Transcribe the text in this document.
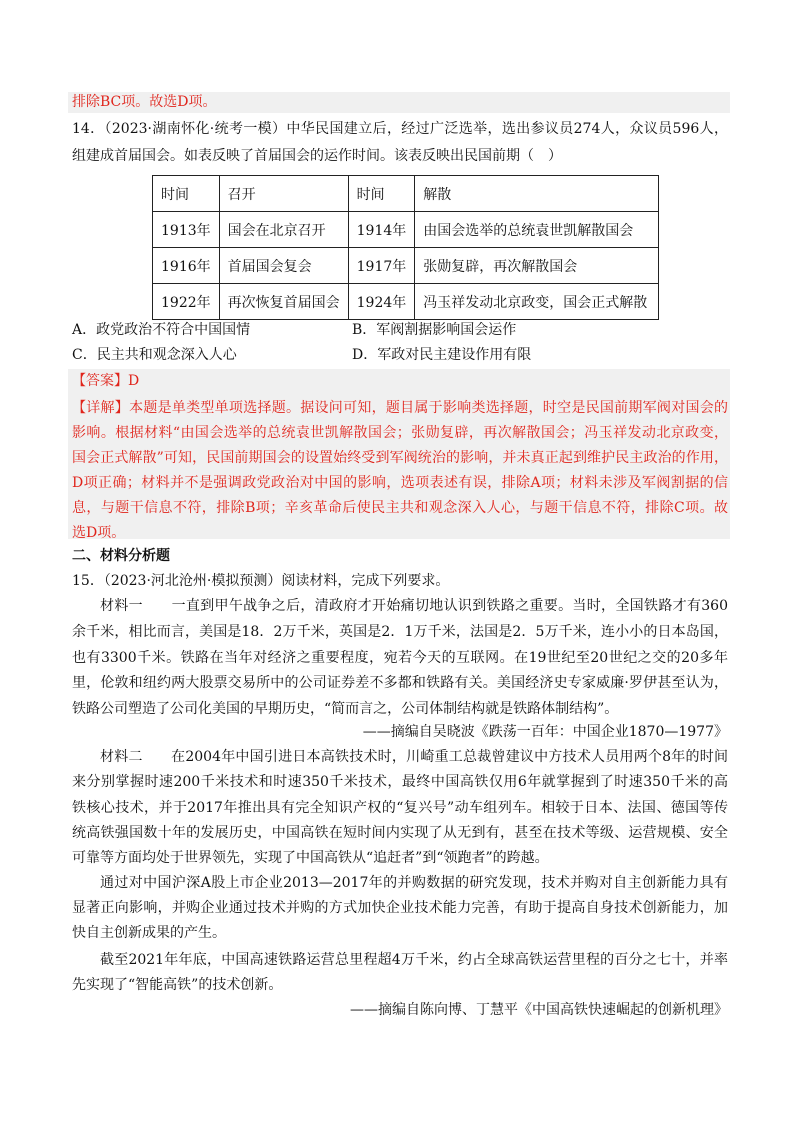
排除BC项。故选D项。
14．（2023·湖南怀化·统考一模）中华民国建立后，经过广泛选举，选出参议员274人，众议员596人，
组建成首届国会。如表反映了首届国会的运作时间。该表反映出民国前期（　）
时间	召开	时间	解散
1913年	国会在北京召开	1914年	由国会选举的总统袁世凯解散国会
1916年	首届国会复会	1917年	张勋复辟，再次解散国会
1922年	再次恢复首届国会	1924年	冯玉祥发动北京政变，国会正式解散
A．政党政治不符合中国国情	B．军阀割据影响国会运作
C．民主共和观念深入人心	D．军政对民主建设作用有限
【答案】D
【详解】本题是单类型单项选择题。据设问可知，题目属于影响类选择题，时空是民国前期军阀对国会的
影响。根据材料“由国会选举的总统袁世凯解散国会；张勋复辟，再次解散国会；冯玉祥发动北京政变，
国会正式解散”可知，民国前期国会的设置始终受到军阀统治的影响，并未真正起到维护民主政治的作用，
D项正确；材料并不是强调政党政治对中国的影响，选项表述有误，排除A项；材料未涉及军阀割据的信
息，与题干信息不符，排除B项；辛亥革命后使民主共和观念深入人心，与题干信息不符，排除C项。故
选D项。
二、材料分析题
15．（2023·河北沧州·模拟预测）阅读材料，完成下列要求。
材料一　　一直到甲午战争之后，清政府才开始痛切地认识到铁路之重要。当时，全国铁路才有360
余千米，相比而言，美国是18．2万千米，英国是2．1万千米，法国是2．5万千米，连小小的日本岛国，
也有3300千米。铁路在当年对经济之重要程度，宛若今天的互联网。在19世纪至20世纪之交的20多年
里，伦敦和纽约两大股票交易所中的公司证券差不多都和铁路有关。美国经济史专家威廉·罗伊甚至认为，
铁路公司塑造了公司化美国的早期历史，“简而言之，公司体制结构就是铁路体制结构”。
——摘编自吴晓波《跌荡一百年：中国企业1870—1977》
材料二　　在2004年中国引进日本高铁技术时，川崎重工总裁曾建议中方技术人员用两个8年的时间
来分别掌握时速200千米技术和时速350千米技术，最终中国高铁仅用6年就掌握到了时速350千米的高
铁核心技术，并于2017年推出具有完全知识产权的“复兴号”动车组列车。相较于日本、法国、德国等传
统高铁强国数十年的发展历史，中国高铁在短时间内实现了从无到有，甚至在技术等级、运营规模、安全
可靠等方面均处于世界领先，实现了中国高铁从“追赶者”到“领跑者”的跨越。
通过对中国沪深A股上市企业2013—2017年的并购数据的研究发现，技术并购对自主创新能力具有
显著正向影响，并购企业通过技术并购的方式加快企业技术能力完善，有助于提高自身技术创新能力，加
快自主创新成果的产生。
截至2021年年底，中国高速铁路运营总里程超4万千米，约占全球高铁运营里程的百分之七十，并率
先实现了“智能高铁”的技术创新。
——摘编自陈向博、丁慧平《中国高铁快速崛起的创新机理》
